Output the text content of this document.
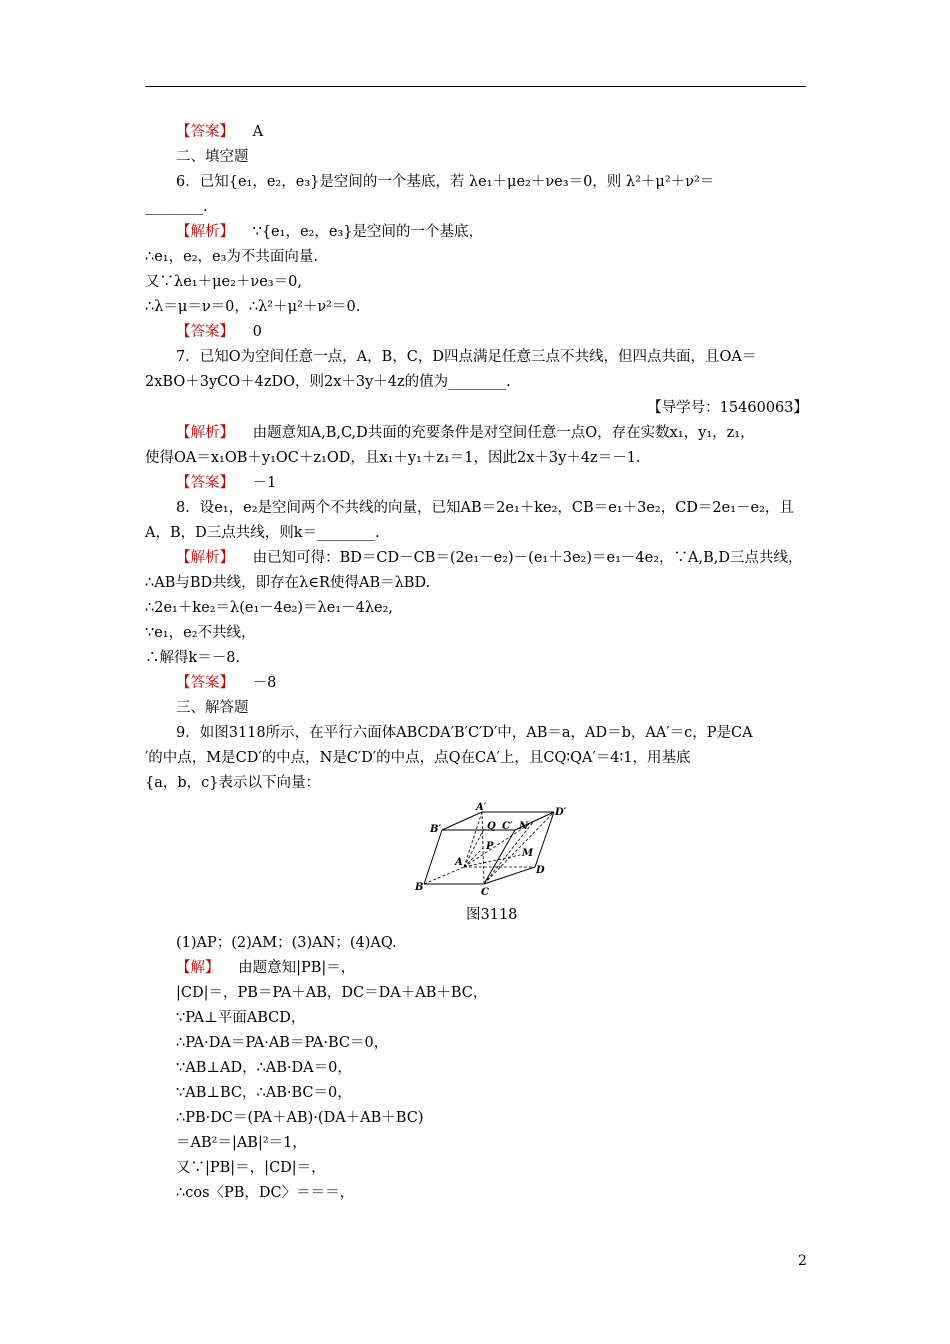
【答案】 A
二、填空题
6．已知{e₁，e₂，e₃}是空间的一个基底，若 λe₁＋μe₂＋νe₃＝0，则 λ²＋μ²＋ν²＝
________.
【解析】 ∵{e₁，e₂，e₃}是空间的一个基底，
∴e₁，e₂，e₃为不共面向量.
又∵λe₁＋μe₂＋νe₃＝0,
∴λ＝μ＝ν＝0，∴λ²＋μ²＋ν²＝0.
【答案】 0
7．已知O为空间任意一点，A，B，C，D四点满足任意三点不共线，但四点共面，且OA＝
2xBO＋3yCO＋4zDO，则2x＋3y＋4z的值为________.
【导学号：15460063】
【解析】 由题意知A,B,C,D共面的充要条件是对空间任意一点O，存在实数x₁，y₁，z₁，
使得OA＝x₁OB＋y₁OC＋z₁OD，且x₁＋y₁＋z₁＝1，因此2x＋3y＋4z＝－1.
【答案】 －1
8．设e₁，e₂是空间两个不共线的向量，已知AB＝2e₁＋ke₂，CB＝e₁＋3e₂，CD＝2e₁－e₂，且
A，B，D三点共线，则k＝________.
【解析】 由已知可得：BD＝CD－CB＝(2e₁－e₂)－(e₁＋3e₂)＝e₁－4e₂，∵A,B,D三点共线，
∴AB与BD共线，即存在λ∈R使得AB＝λBD.
∴2e₁＋ke₂＝λ(e₁－4e₂)＝λe₁－4λe₂,
∵e₁，e₂不共线，
∴解得k＝－8.
【答案】 －8
三、解答题
9．如图3118所示，在平行六面体ABCDA′B′C′D′中，AB＝a，AD＝b，AA′＝c，P是CA
′的中点，M是CD′的中点，N是C′D′的中点，点Q在CA′上，且CQ∶QA′＝4∶1，用基底
{a，b，c}表示以下向量：
A′
B′	C′
D′
Q N
P
M
A
B	C
D
图3118
(1)AP；(2)AM；(3)AN；(4)AQ.
【解】 由题意知|PB|＝，
|CD|＝，PB＝PA＋AB，DC＝DA＋AB＋BC，
∵PA⊥平面ABCD，
∴PA·DA＝PA·AB＝PA·BC＝0，
∵AB⊥AD，∴AB·DA＝0，
∵AB⊥BC，∴AB·BC＝0，
∴PB·DC＝(PA＋AB)·(DA＋AB＋BC)
＝AB²＝|AB|²＝1，
又∵|PB|＝，|CD|＝，
∴cos〈PB，DC〉＝＝＝，
2
